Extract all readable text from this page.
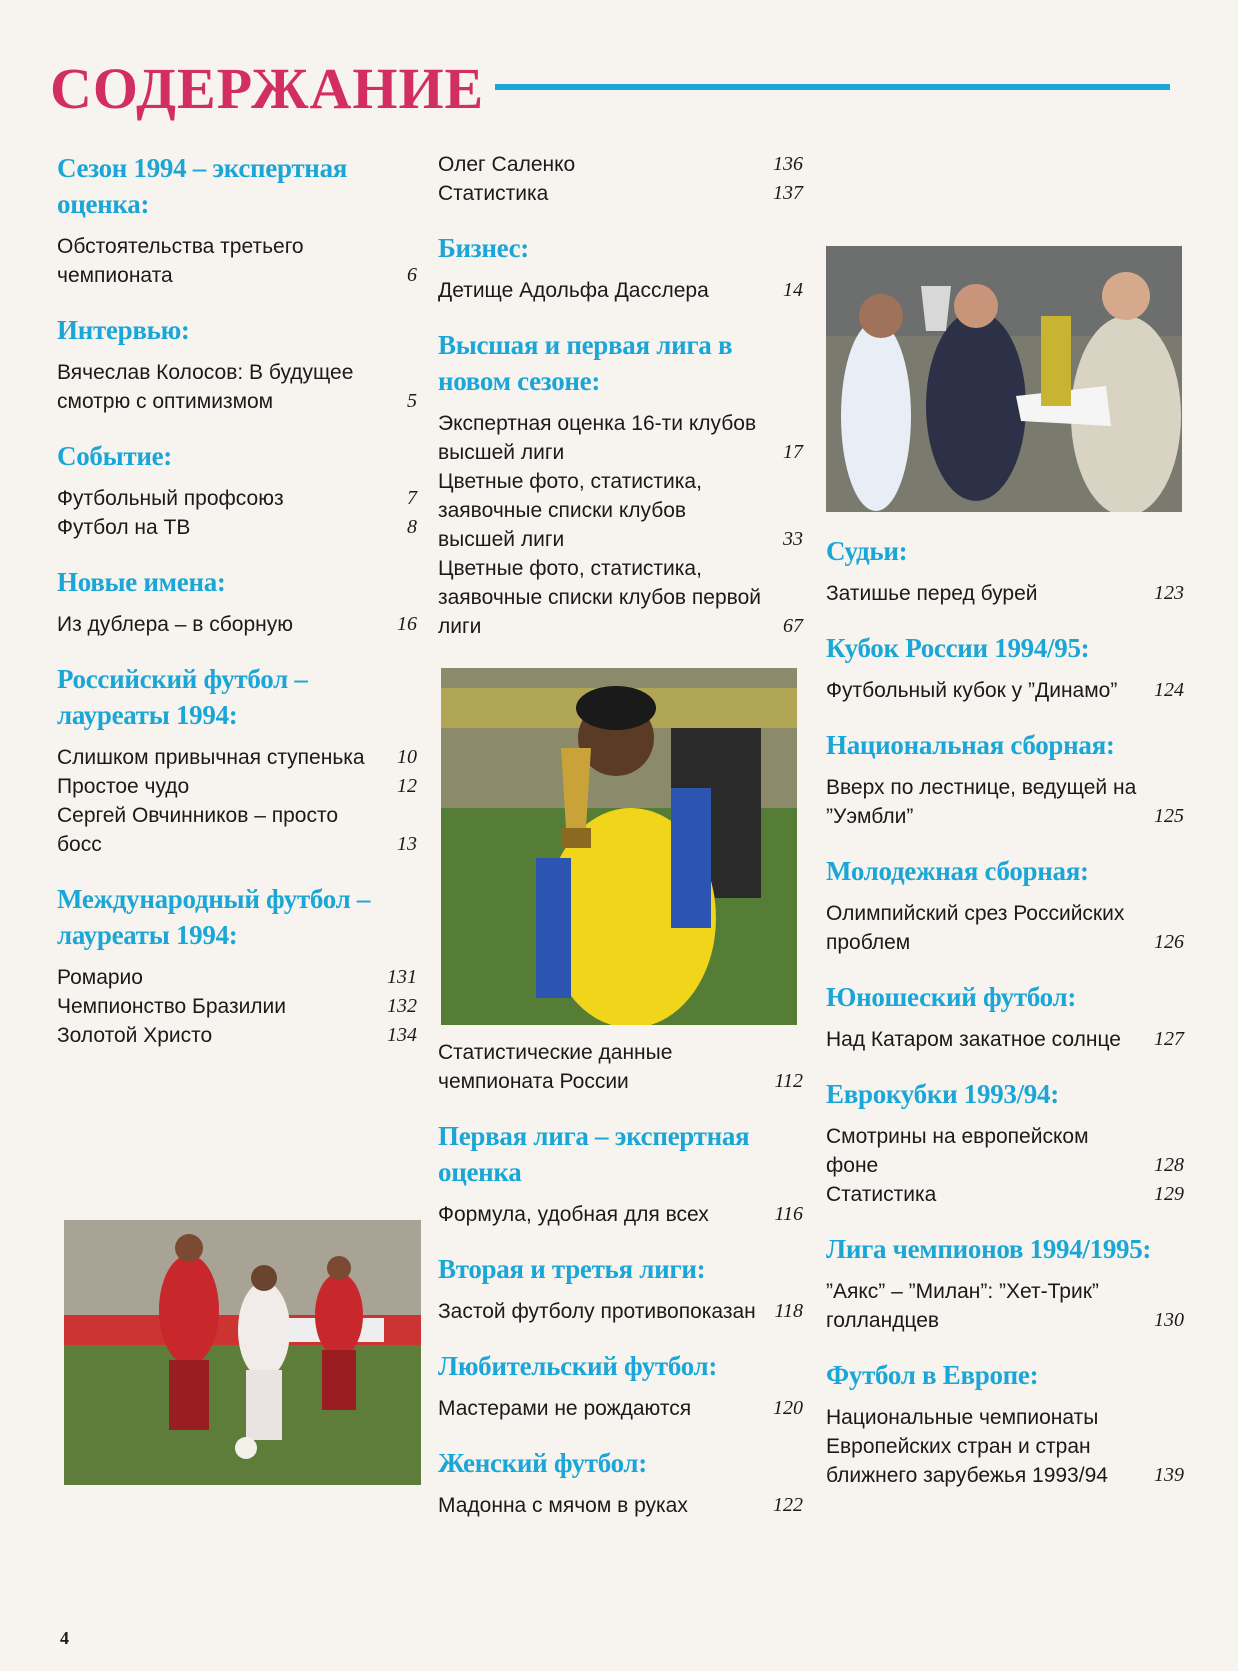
СОДЕРЖАНИЕ
Сезон 1994 – экспертная оценка:
Обстоятельства третьего чемпионата	6
Интервью:
Вячеслав Колосов: В будущее смотрю с оптимизмом	5
Событие:
Футбольный профсоюз	7
Футбол на ТВ	8
Новые имена:
Из дублера – в сборную	16
Российский футбол – лауреаты 1994:
Слишком привычная ступенька	10
Простое чудо	12
Сергей Овчинников – просто босс	13
Международный футбол – лауреаты 1994:
Ромарио	131
Чемпионство Бразилии	132
Золотой Христо	134
Олег Саленко	136
Статистика	137
Бизнес:
Детище Адольфа Дасслера	14
Высшая и первая лига в новом сезоне:
Экспертная оценка 16-ти клубов высшей лиги	17
Цветные фото, статистика, заявочные списки клубов высшей лиги	33
Цветные фото, статистика, заявочные списки клубов первой лиги	67
Статистические данные чемпионата России	112
Первая лига – экспертная оценка
Формула, удобная для всех	116
Вторая и третья лиги:
Застой футболу противопоказан 118
Любительский футбол:
Мастерами не рождаются	120
Женский футбол:
Мадонна с мячом в руках	122
Судьи:
Затишье перед бурей	123
Кубок России 1994/95:
Футбольный кубок у ”Динамо”	124
Национальная сборная:
Вверх по лестнице, ведущей на ”Уэмбли”	125
Молодежная сборная:
Олимпийский срез Российских проблем	126
Юношеский футбол:
Над Катаром закатное солнце	127
Еврокубки 1993/94:
Смотрины на европейском фоне	128
Статистика	129
Лига чемпионов 1994/1995:
”Аякс” – ”Милан”: ”Хет-Трик” голландцев	130
Футбол в Европе:
Национальные чемпионаты Европейских стран и стран ближнего зарубежья 1993/94	139
4
